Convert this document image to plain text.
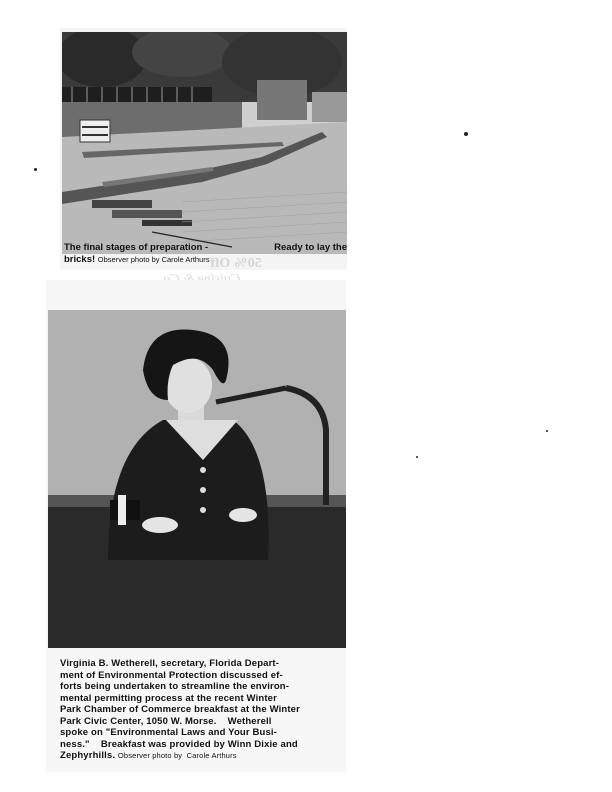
The final stages of preparation -	Ready to lay the
bricks! Observer photo by Carole Arthurs 50% Off
Virginia B. Wetherell, secretary, Florida Depart-
ment of Environmental Protection discussed ef-
forts being undertaken to streamline the environ-
mental permitting process at the recent Winter
Park Chamber of Commerce breakfast at the Winter
Park Civic Center, 1050 W. Morse.    Wetherell
spoke on "Environmental Laws and Your Busi-
ness."    Breakfast was provided by Winn Dixie and
Zephyrhills. Observer photo by  Carole Arthurs
